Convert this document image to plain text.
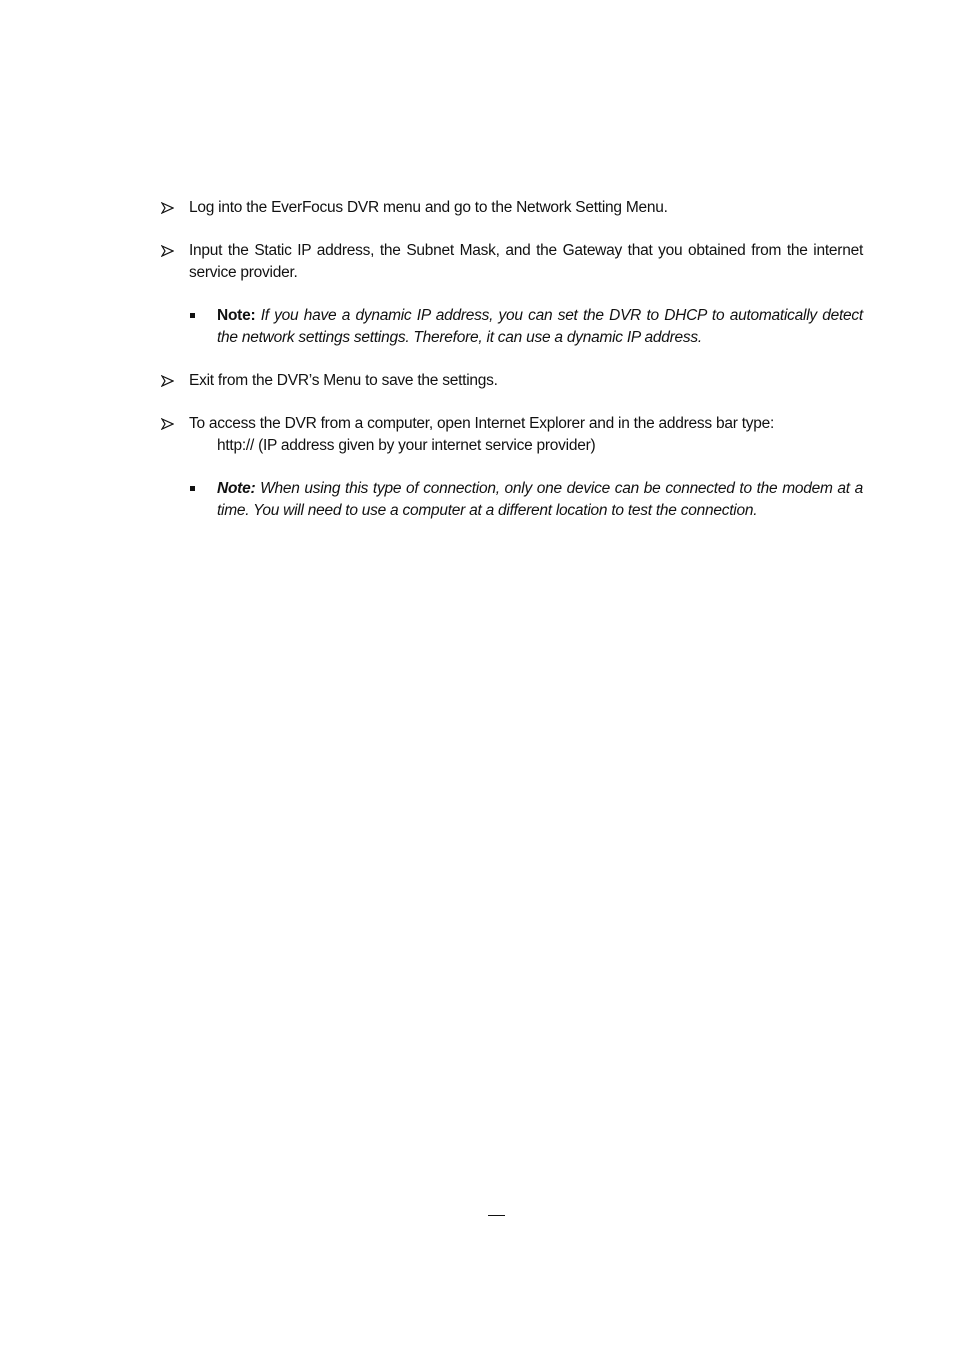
Log into the EverFocus DVR menu and go to the Network Setting Menu.
Input the Static IP address, the Subnet Mask, and the Gateway that you obtained from the internet service provider.
Note: If you have a dynamic IP address, you can set the DVR to DHCP to automatically detect the network settings settings. Therefore, it can use a dynamic IP address.
Exit from the DVR’s Menu to save the settings.
To access the DVR from a computer, open Internet Explorer and in the address bar type:
http:// (IP address given by your internet service provider)
Note: When using this type of connection, only one device can be connected to the modem at a time. You will need to use a computer at a different location to test the connection.
